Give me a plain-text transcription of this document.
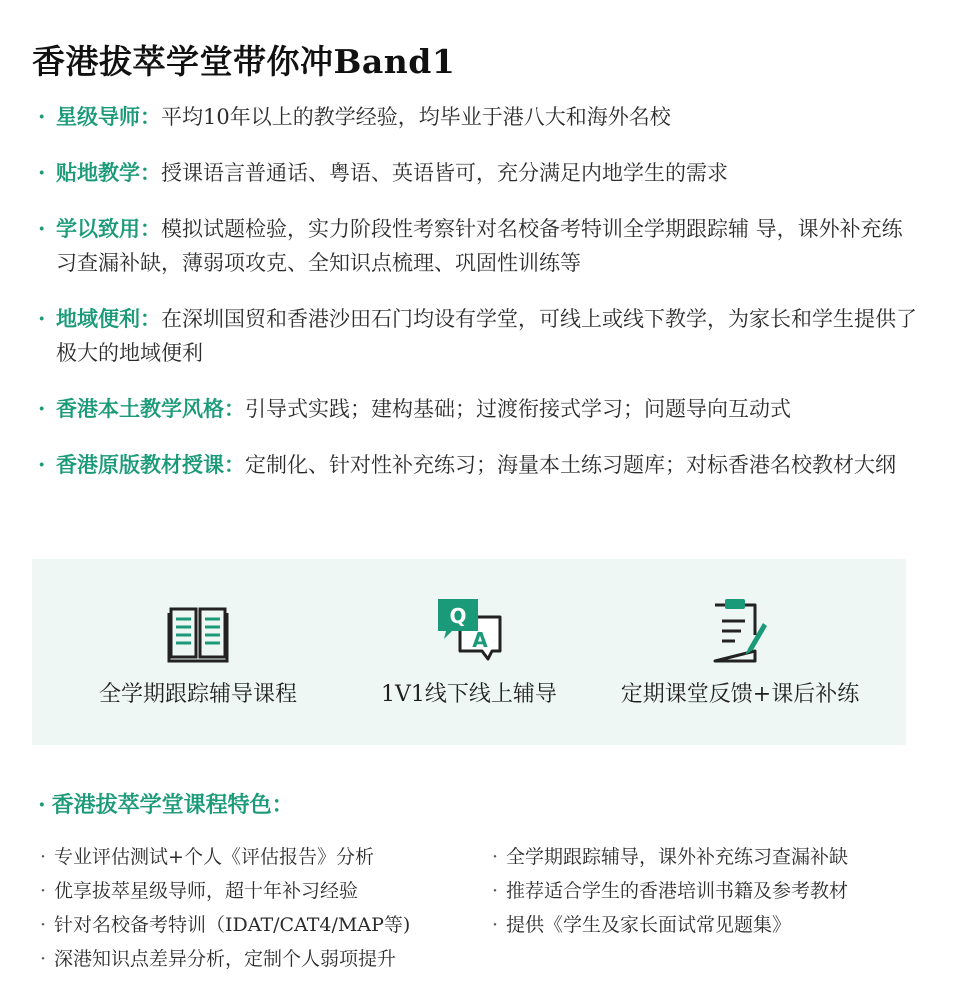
香港拔萃学堂带你冲Band1
· 星级导师：平均10年以上的教学经验，均毕业于港八大和海外名校
· 贴地教学：授课语言普通话、粤语、英语皆可，充分满足内地学生的需求
· 学以致用：模拟试题检验，实力阶段性考察针对名校备考特训全学期跟踪辅 导，课外补充练习查漏补缺，薄弱项攻克、全知识点梳理、巩固性训练等
· 地域便利：在深圳国贸和香港沙田石门均设有学堂，可线上或线下教学，为家长和学生提供了极大的地域便利
· 香港本土教学风格：引导式实践；建构基础；过渡衔接式学习；问题导向互动式
· 香港原版教材授课：定制化、针对性补充练习；海量本土练习题库；对标香港名校教材大纲
全学期跟踪辅导课程
Q
A
1V1线下线上辅导	定期课堂反馈+课后补练
· 香港拔萃学堂课程特色：
· 专业评估测试+个人《评估报告》分析
· 优享拔萃星级导师，超十年补习经验
· 针对名校备考特训（IDAT/CAT4/MAP等)
· 深港知识点差异分析，定制个人弱项提升
· 全学期跟踪辅导，课外补充练习查漏补缺
· 推荐适合学生的香港培训书籍及参考教材
· 提供《学生及家长面试常见题集》
